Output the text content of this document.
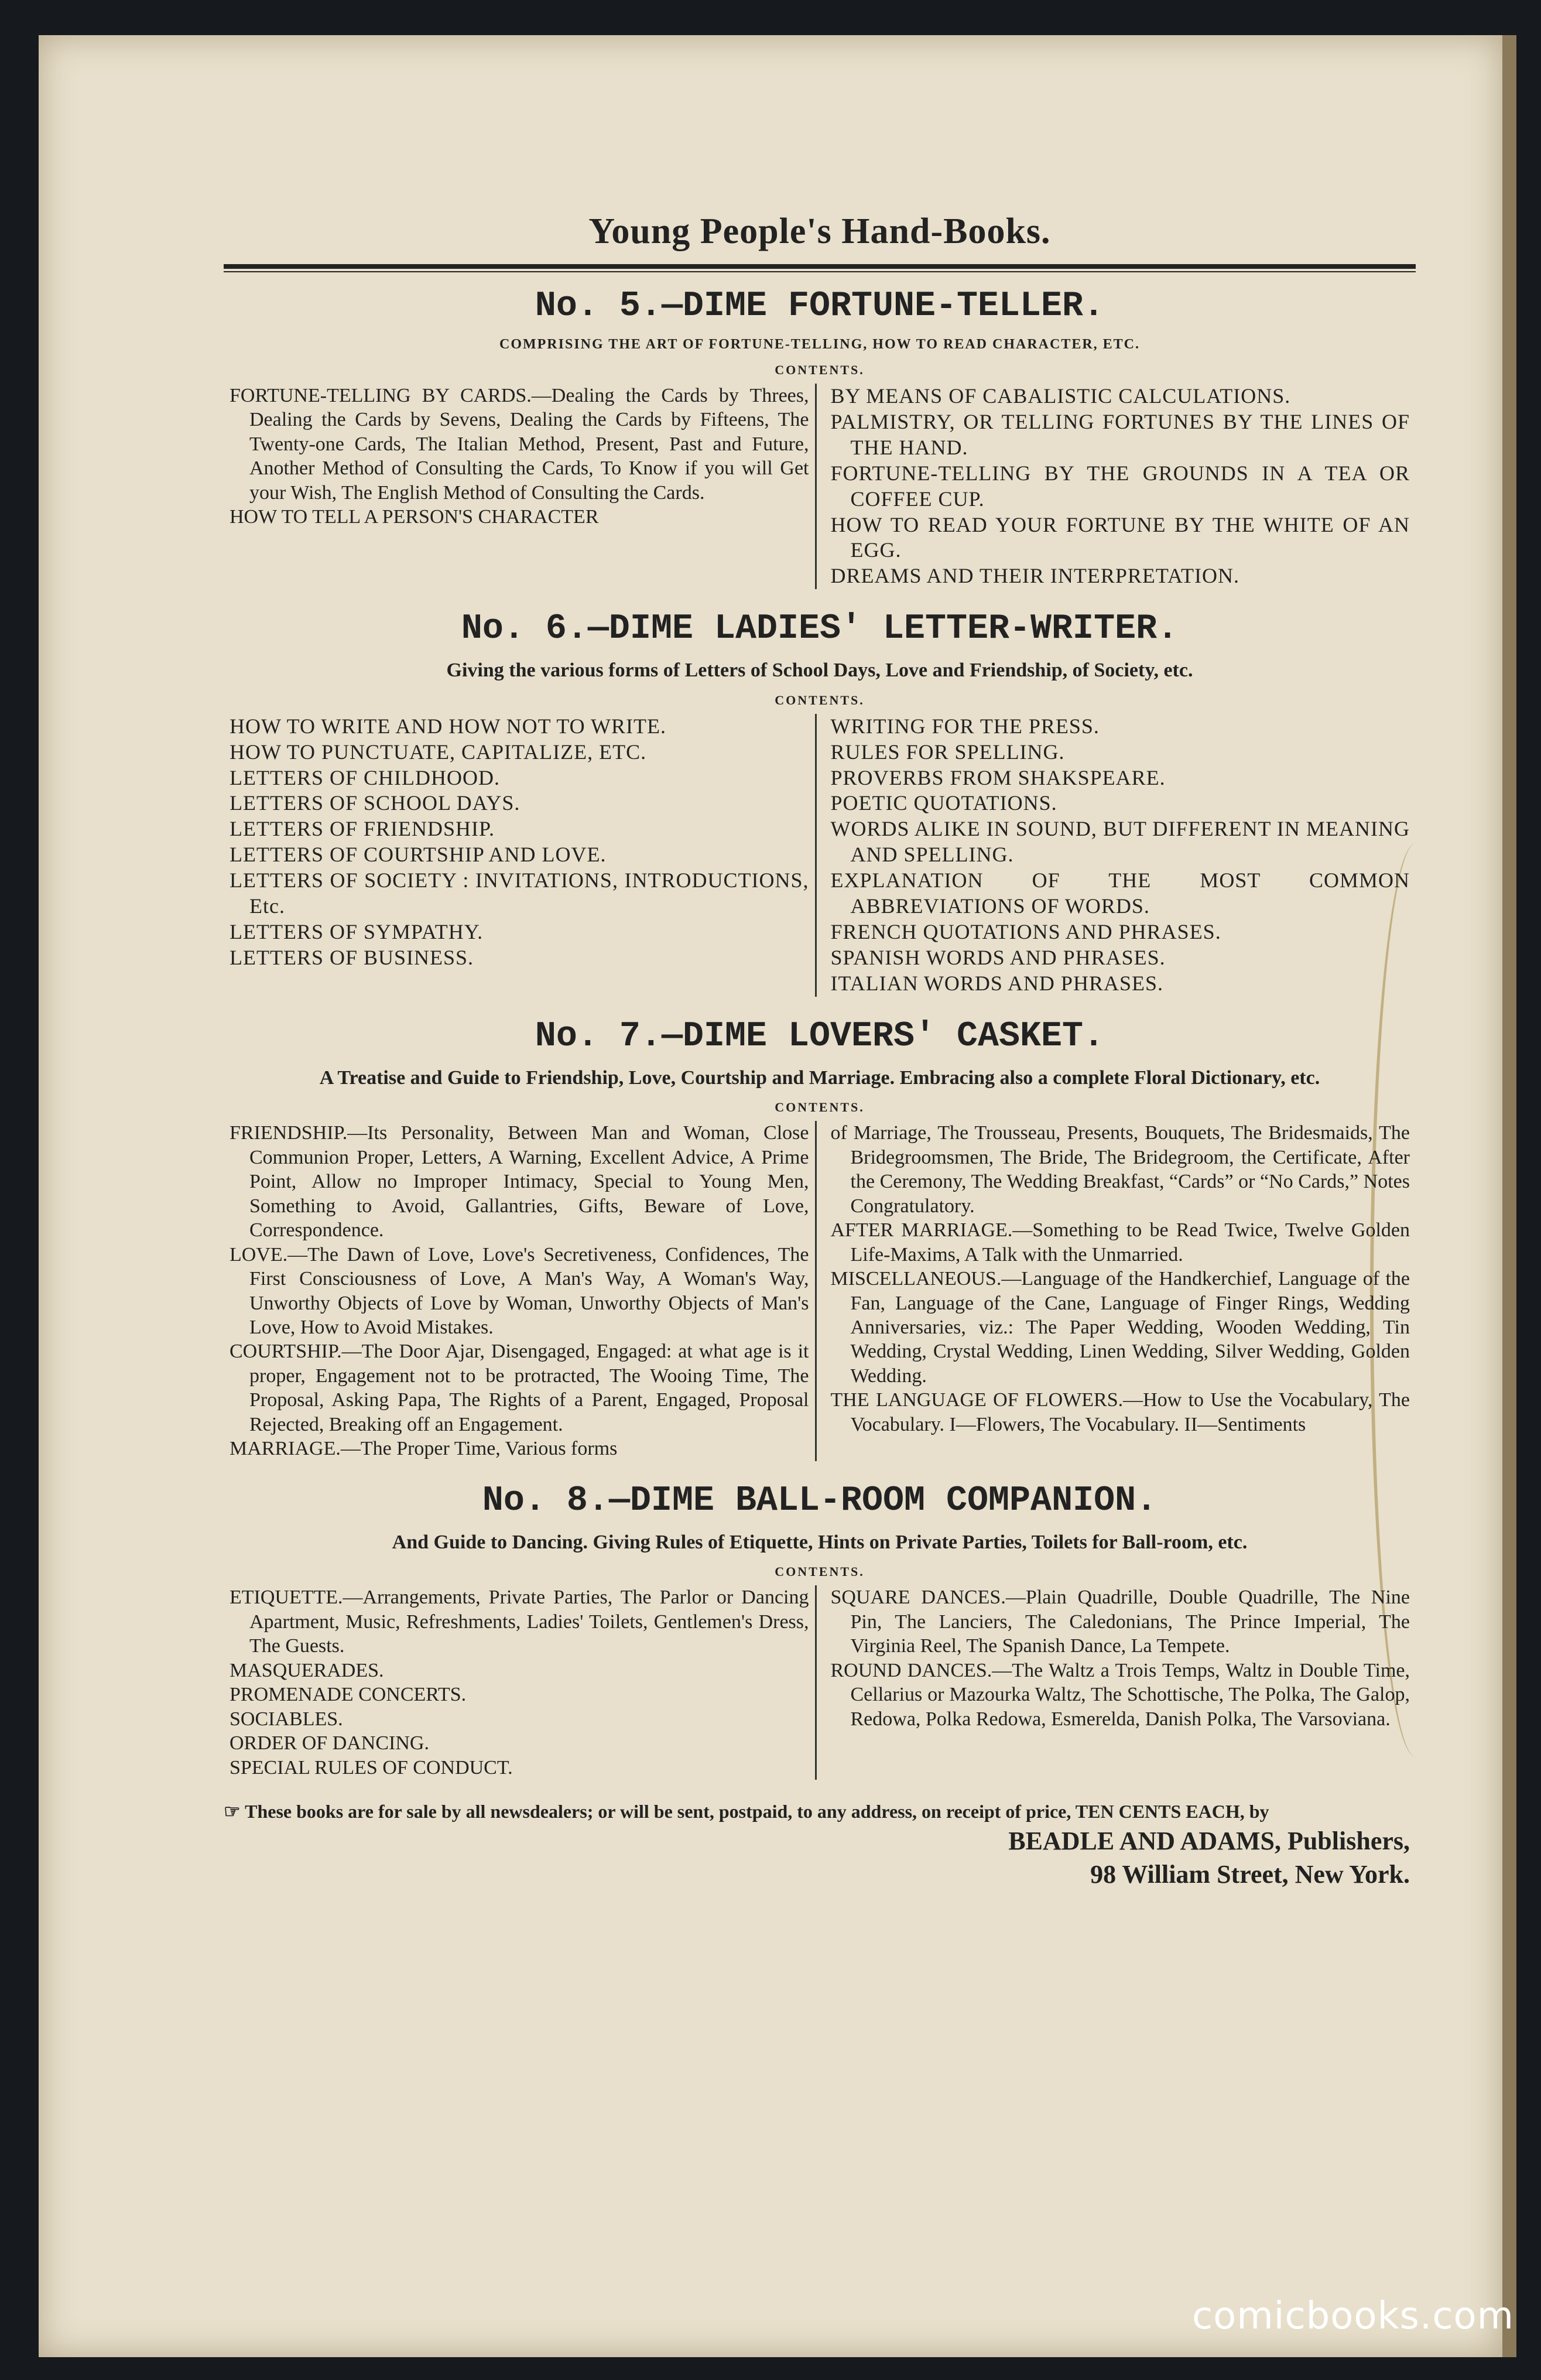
Young People's Hand-Books.
No. 5.—DIME FORTUNE-TELLER.
COMPRISING THE ART OF FORTUNE-TELLING, HOW TO READ CHARACTER, ETC.
CONTENTS.

FORTUNE-TELLING BY CARDS.—Dealing the Cards by Threes, Dealing the Cards by Sevens, Dealing the Cards by Fifteens, The Twenty-one Cards, The Italian Method, Present, Past and Future, Another Method of Consulting the Cards, To Know if you will Get your Wish, The English Method of Consulting the Cards.

HOW TO TELL A PERSON'S CHARACTER

BY MEANS OF CABALISTIC CALCULATIONS.

PALMISTRY, OR TELLING FORTUNES BY THE LINES OF THE HAND.

FORTUNE-TELLING BY THE GROUNDS IN A TEA OR COFFEE CUP.

HOW TO READ YOUR FORTUNE BY THE WHITE OF AN EGG.

DREAMS AND THEIR INTERPRETATION.

No. 6.—DIME LADIES' LETTER-WRITER.
Giving the various forms of Letters of School Days, Love and Friendship, of Society, etc.
CONTENTS.

HOW TO WRITE AND HOW NOT TO WRITE.

HOW TO PUNCTUATE, CAPITALIZE, ETC.

LETTERS OF CHILDHOOD.

LETTERS OF SCHOOL DAYS.

LETTERS OF FRIENDSHIP.

LETTERS OF COURTSHIP AND LOVE.

LETTERS OF SOCIETY : INVITATIONS, INTRODUCTIONS, Etc.

LETTERS OF SYMPATHY.

LETTERS OF BUSINESS.

WRITING FOR THE PRESS.

RULES FOR SPELLING.

PROVERBS FROM SHAKSPEARE.

POETIC QUOTATIONS.

WORDS ALIKE IN SOUND, BUT DIFFERENT IN MEANING AND SPELLING.

EXPLANATION OF THE MOST COMMON ABBREVIATIONS OF WORDS.

FRENCH QUOTATIONS AND PHRASES.

SPANISH WORDS AND PHRASES.

ITALIAN WORDS AND PHRASES.

No. 7.—DIME LOVERS' CASKET.
A Treatise and Guide to Friendship, Love, Courtship and Marriage. Embracing also a complete Floral Dictionary, etc.
CONTENTS.

FRIENDSHIP.—Its Personality, Between Man and Woman, Close Communion Proper, Letters, A Warning, Excellent Advice, A Prime Point, Allow no Improper Intimacy, Special to Young Men, Something to Avoid, Gallantries, Gifts, Beware of Love, Correspondence.

LOVE.—The Dawn of Love, Love's Secretiveness, Confidences, The First Consciousness of Love, A Man's Way, A Woman's Way, Unworthy Objects of Love by Woman, Unworthy Objects of Man's Love, How to Avoid Mistakes.

COURTSHIP.—The Door Ajar, Disengaged, Engaged: at what age is it proper, Engagement not to be protracted, The Wooing Time, The Proposal, Asking Papa, The Rights of a Parent, Engaged, Proposal Rejected, Breaking off an Engagement.

MARRIAGE.—The Proper Time, Various forms

of Marriage, The Trousseau, Presents, Bouquets, The Bridesmaids, The Bridegroomsmen, The Bride, The Bridegroom, the Certificate, After the Ceremony, The Wedding Breakfast, “Cards” or “No Cards,” Notes Congratulatory.

AFTER MARRIAGE.—Something to be Read Twice, Twelve Golden Life-Maxims, A Talk with the Unmarried.

MISCELLANEOUS.—Language of the Handkerchief, Language of the Fan, Language of the Cane, Language of Finger Rings, Wedding Anniversaries, viz.: The Paper Wedding, Wooden Wedding, Tin Wedding, Crystal Wedding, Linen Wedding, Silver Wedding, Golden Wedding.

THE LANGUAGE OF FLOWERS.—How to Use the Vocabulary, The Vocabulary. I—Flowers, The Vocabulary. II—Sentiments

No. 8.—DIME BALL-ROOM COMPANION.
And Guide to Dancing. Giving Rules of Etiquette, Hints on Private Parties, Toilets for Ball-room, etc.
CONTENTS.

ETIQUETTE.—Arrangements, Private Parties, The Parlor or Dancing Apartment, Music, Refreshments, Ladies' Toilets, Gentlemen's Dress, The Guests.

MASQUERADES.

PROMENADE CONCERTS.

SOCIABLES.

ORDER OF DANCING.

SPECIAL RULES OF CONDUCT.

SQUARE DANCES.—Plain Quadrille, Double Quadrille, The Nine Pin, The Lanciers, The Caledonians, The Prince Imperial, The Virginia Reel, The Spanish Dance, La Tempete.

ROUND DANCES.—The Waltz a Trois Temps, Waltz in Double Time, Cellarius or Mazourka Waltz, The Schottische, The Polka, The Galop, Redowa, Polka Redowa, Esmerelda, Danish Polka, The Varsoviana.

☞ These books are for sale by all newsdealers; or will be sent, postpaid, to any address, on receipt of price, TEN CENTS EACH, by

BEADLE AND ADAMS, Publishers,
98 William Street, New York.
comicbooks.com
